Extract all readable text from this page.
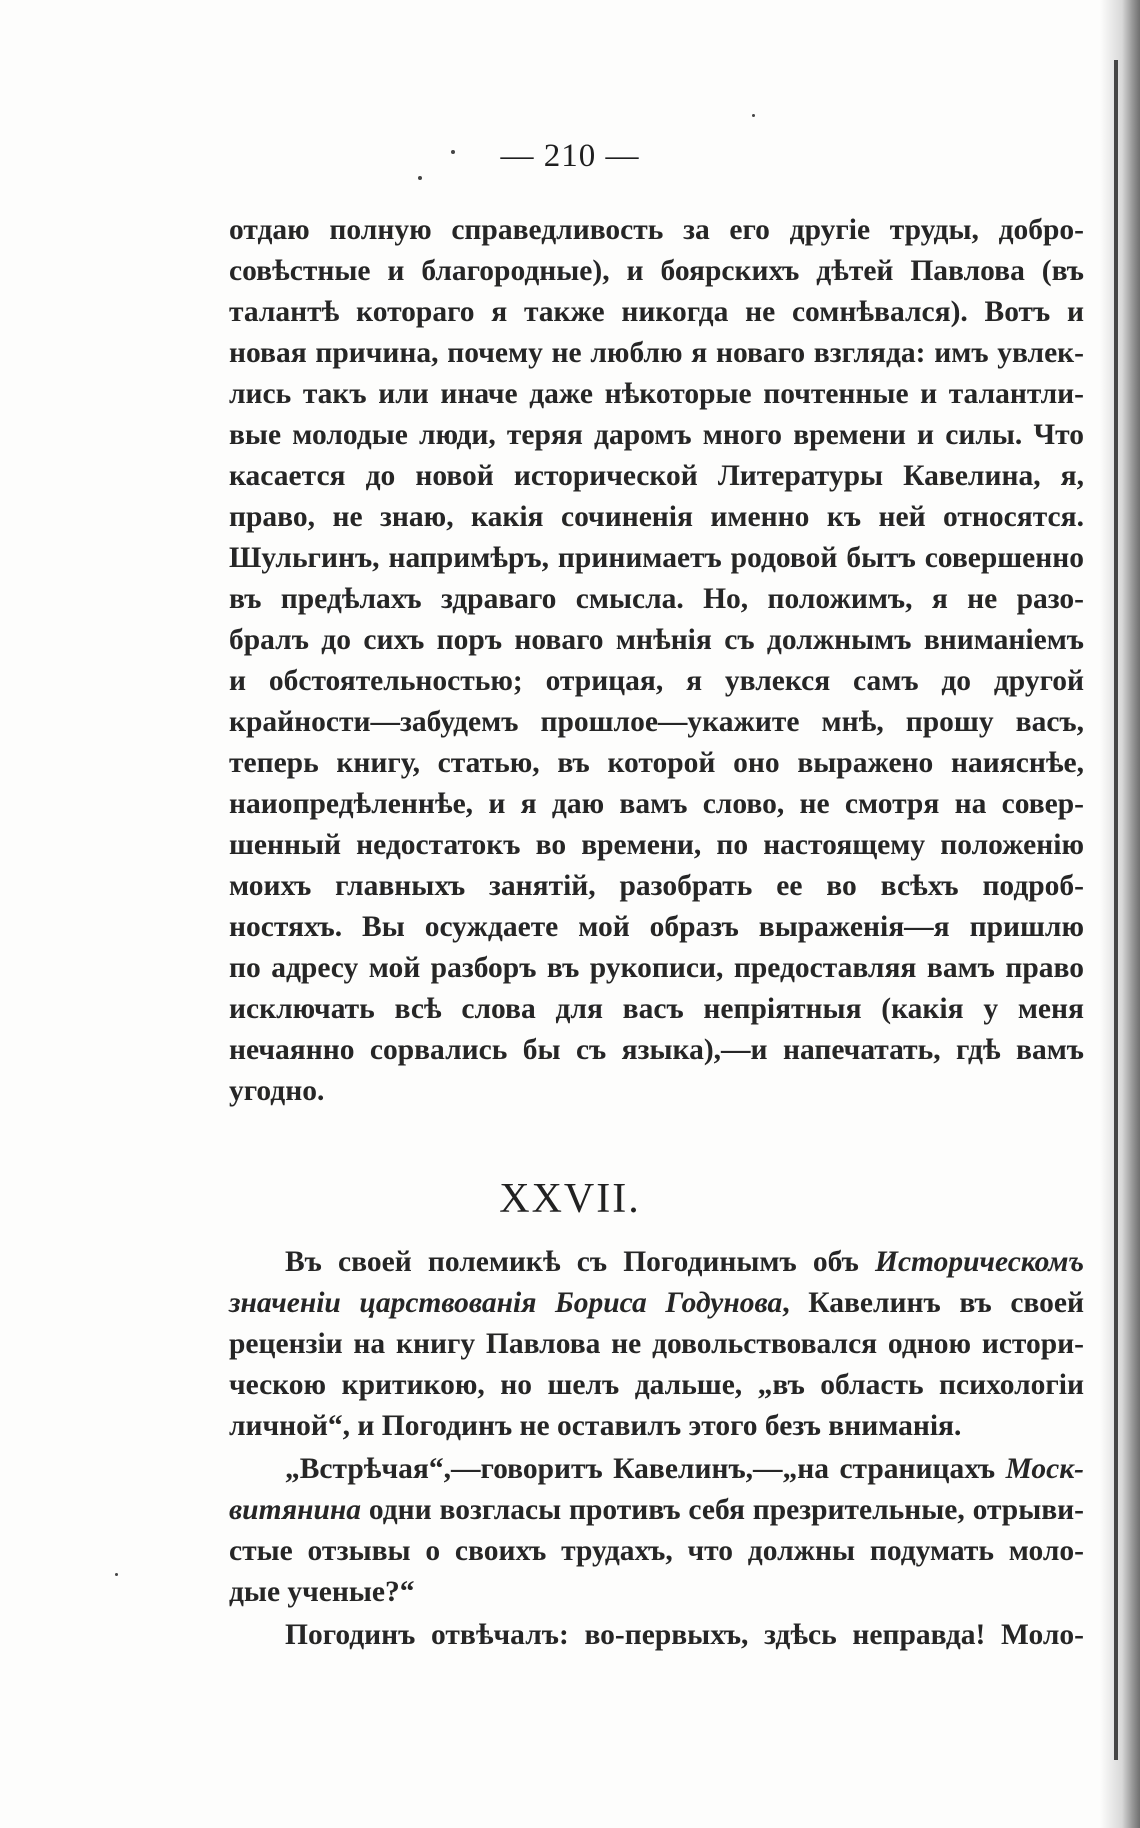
— 210 —
отдаю полную справедливость за его другіе труды, добро-
совѣстные и благородные), и боярскихъ дѣтей Павлова (въ
талантѣ котораго я также никогда не сомнѣвался). Вотъ и
новая причина, почему не люблю я новаго взгляда: имъ увлек-
лись такъ или иначе даже нѣкоторые почтенные и талантли-
вые молодые люди, теряя даромъ много времени и силы. Что
касается до новой исторической Литературы Кавелина, я,
право, не знаю, какія сочиненія именно къ ней относятся.
Шульгинъ, напримѣръ, принимаетъ родовой бытъ совершенно
въ предѣлахъ здраваго смысла. Но, положимъ, я не разо-
бралъ до сихъ поръ новаго мнѣнія съ должнымъ вниманіемъ
и обстоятельностью; отрицая, я увлекся самъ до другой
крайности—забудемъ прошлое—укажите мнѣ, прошу васъ,
теперь книгу, статью, въ которой оно выражено наияснѣе,
наиопредѣленнѣе, и я даю вамъ слово, не смотря на совер-
шенный недостатокъ во времени, по настоящему положенію
моихъ главныхъ занятій, разобрать ее во всѣхъ подроб-
ностяхъ. Вы осуждаете мой образъ выраженія—я пришлю
по адресу мой разборъ въ рукописи, предоставляя вамъ право
исключать всѣ слова для васъ непріятныя (какія у меня
нечаянно сорвались бы съ языка),—и напечатать, гдѣ вамъ
угодно.
XXVII.
Въ своей полемикѣ съ Погодинымъ объ Историческомъ
значеніи царствованія Бориса Годунова, Кавелинъ въ своей
рецензіи на книгу Павлова не довольствовался одною истори-
ческою критикою, но шелъ дальше, „въ область психологіи
личной“, и Погодинъ не оставилъ этого безъ вниманія.
„Встрѣчая“,—говоритъ Кавелинъ,—„на страницахъ Моск-
витянина одни возгласы противъ себя презрительные, отрыви-
стые отзывы о своихъ трудахъ, что должны подумать моло-
дые ученые?“
Погодинъ отвѣчалъ: во-первыхъ, здѣсь неправда! Моло-
